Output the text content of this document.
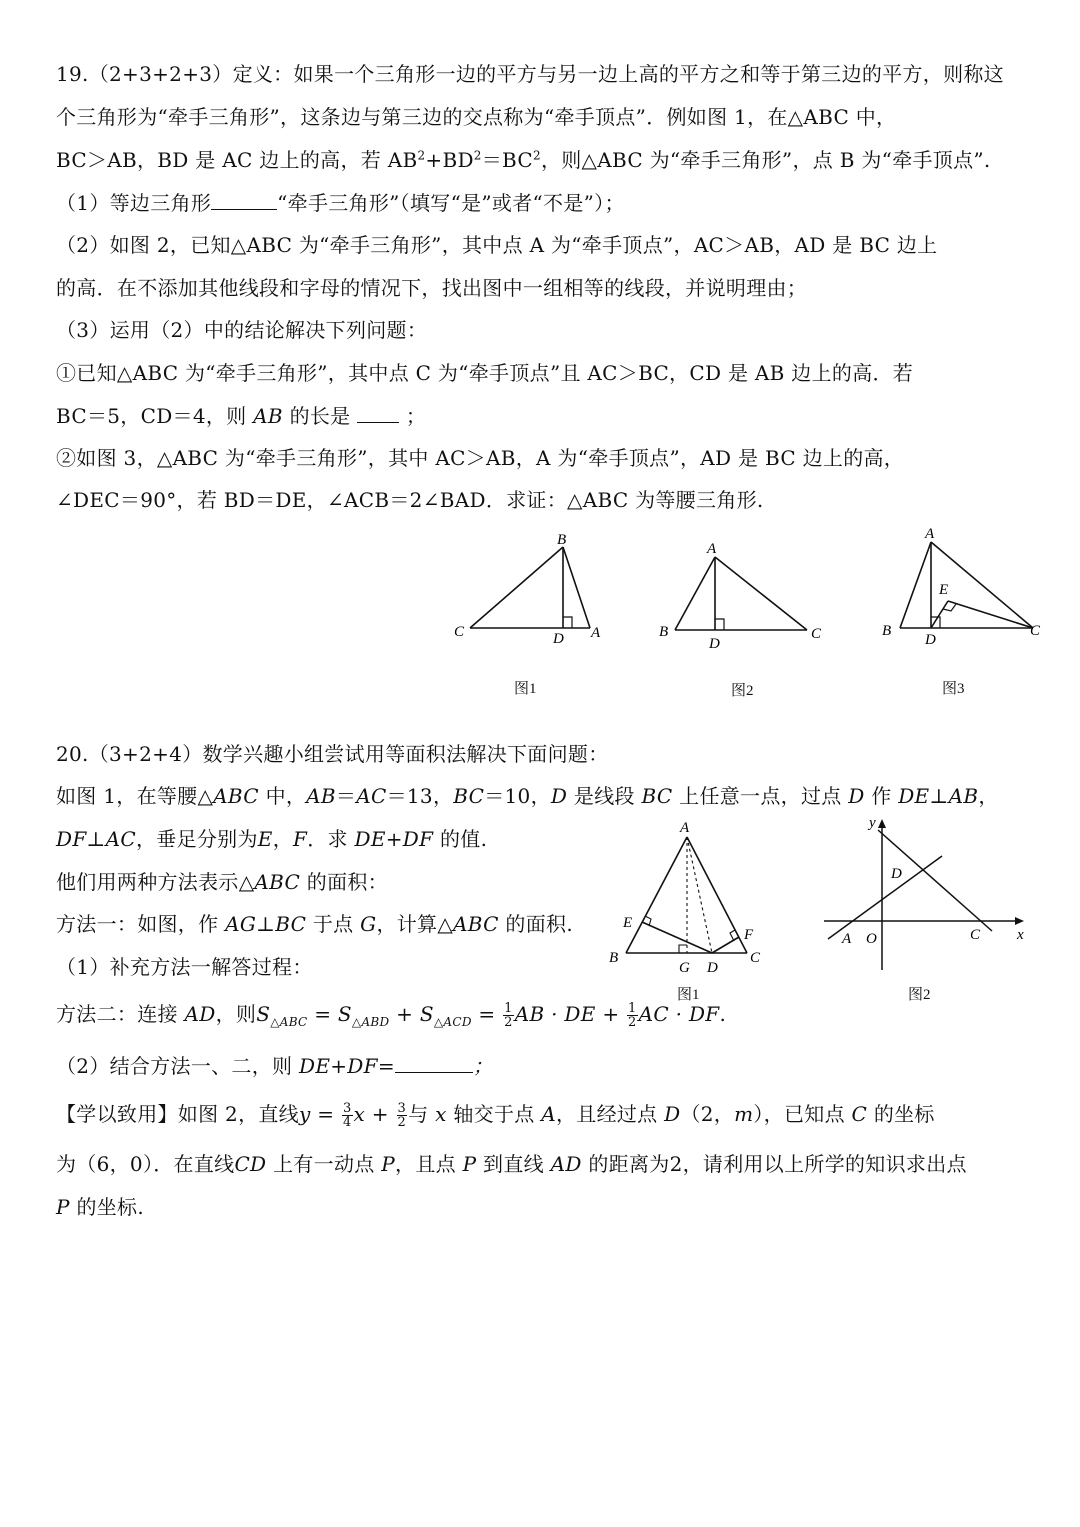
19.（2+3+2+3）定义：如果一个三角形一边的平方与另一边上高的平方之和等于第三边的平方，则称这
个三角形为“牵手三角形”，这条边与第三边的交点称为“牵手顶点”．例如图 1，在△ABC 中，
BC＞AB，BD 是 AC 边上的高，若 $AB^2+BD^2=BC^2$，则△ABC 为“牵手三角形”，点 B 为“牵手顶点”.
（1）等边三角形	“牵手三角形”（填写“是”或者“不是”）；
（2）如图 2，已知△ABC 为“牵手三角形”，其中点 A 为“牵手顶点”，AC＞AB，AD 是 BC 边上
的高．在不添加其他线段和字母的情况下，找出图中一组相等的线段，并说明理由；
（3）运用（2）中的结论解决下列问题：
①已知△ABC 为“牵手三角形”，其中点 C 为“牵手顶点”且 AC＞BC，CD 是 AB 边上的高．若
BC＝5，CD＝4，则 AB 的长是	；
②如图 3，△ABC 为“牵手三角形”，其中 AC＞AB，A 为“牵手顶点”，AD 是 BC 边上的高，
∠DEC＝90°，若 BD＝DE，∠ACB＝2∠BAD．求证：△ABC 为等腰三角形.
B
C	D A
图1
A
B
D
C
图2
A
E
B
D
C
图3
20.（3+2+4）数学兴趣小组尝试用等面积法解决下面问题：
如图 1，在等腰△ABC 中，AB＝AC＝13，BC＝10，D 是线段 BC 上任意一点，过点 D 作 DE⊥AB，
DF⊥AC，垂足分别为E，F．求 DE+DF 的值.
他们用两种方法表示△ABC 的面积：
方法一：如图，作 AG⊥BC 于点 G，计算△ABC 的面积.
（1）补充方法一解答过程：
方法二：连接 AD，则$S_{\triangle ABC} = S_{\triangle ABD} + S_{\triangle ACD} = \frac{1}{2}$ AB · DE + $\frac{1}{2}$ AC · DF.
（2）结合方法一、二，则 DE+DF=	；
【学以致用】如图 2，直线$y = \frac{3}{4}$ $x + \frac{3}{2}$ 与 x 轴交于点 A，且经过点 D（2，m），已知点 C 的坐标
为（6，0）．在直线CD 上有一动点 P，且点 P 到直线 AD 的距离为2，请利用以上所学的知识求出点
P 的坐标.
A
E
F
B
G D
C
图1
y
D
A O	C x
图2
